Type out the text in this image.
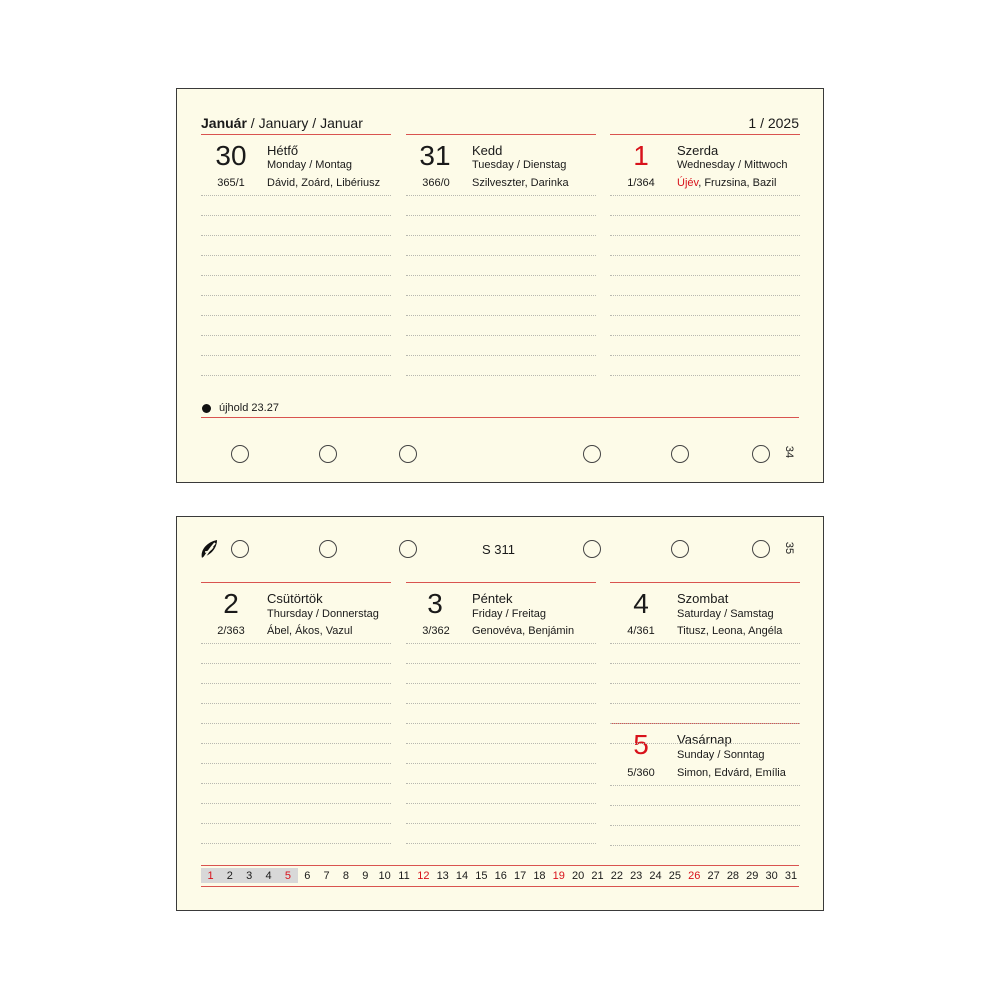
Január / January / Januar	1 / 2025
30	Hétfő
Monday / Montag
365/1	Dávid, Zoárd, Libériusz
31	Kedd
Tuesday / Dienstag
366/0	Szilveszter, Darinka
1	Szerda
Wednesday / Mittwoch
1/364	Újév, Fruzsina, Bazil
újhold 23.27
34
S 311	35
2	Csütörtök
Thursday / Donnerstag
2/363	Ábel, Ákos, Vazul
3	Péntek
Friday / Freitag
3/362	Genovéva, Benjámin
4	Szombat
Saturday / Samstag
4/361	Titusz, Leona, Angéla
5	Vasárnap
Sunday / Sonntag
5/360	Simon, Edvárd, Emília
1	2	3	4	5	6	7	8	9 10 11 12 13 14 15 16 17 18 19 20 21 22 23 24 25 26 27 28 29 30 31
